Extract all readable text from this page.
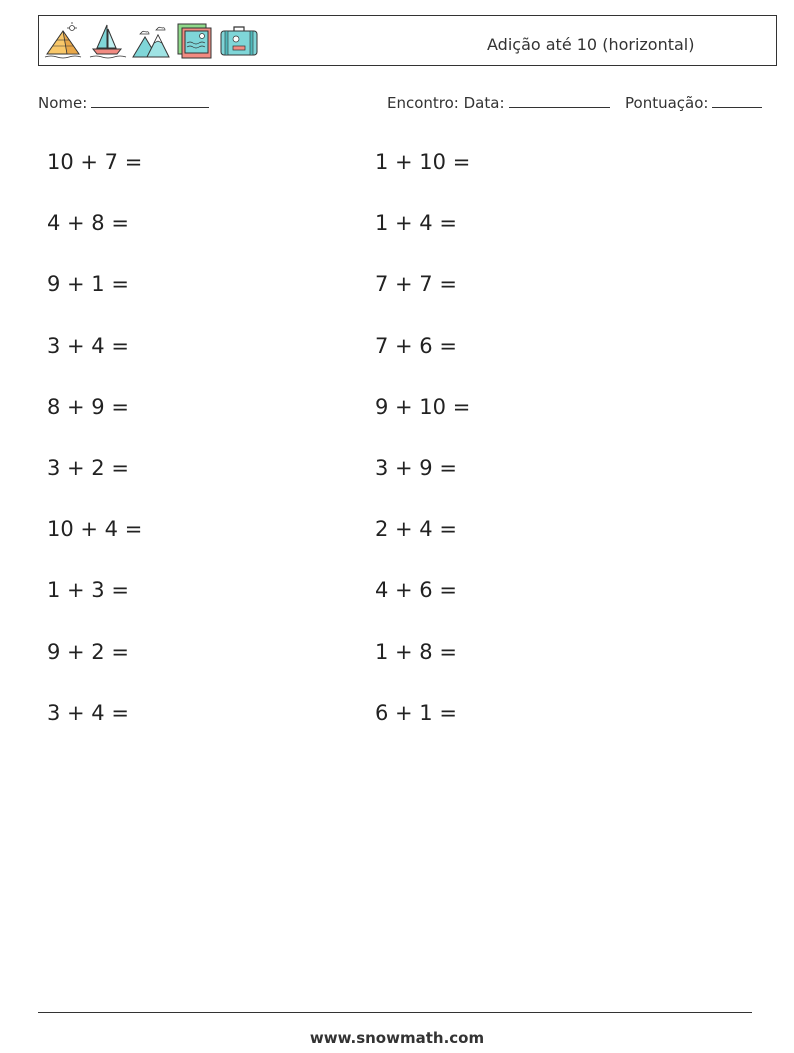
Adição até 10 (horizontal)
Nome:	Encontro: Data:	Pontuação:
10 + 7 =
4 + 8 =
9 + 1 =
3 + 4 =
8 + 9 =
3 + 2 =
10 + 4 =
1 + 3 =
9 + 2 =
3 + 4 =
1 + 10 =
1 + 4 =
7 + 7 =
7 + 6 =
9 + 10 =
3 + 9 =
2 + 4 =
4 + 6 =
1 + 8 =
6 + 1 =
www.snowmath.com
